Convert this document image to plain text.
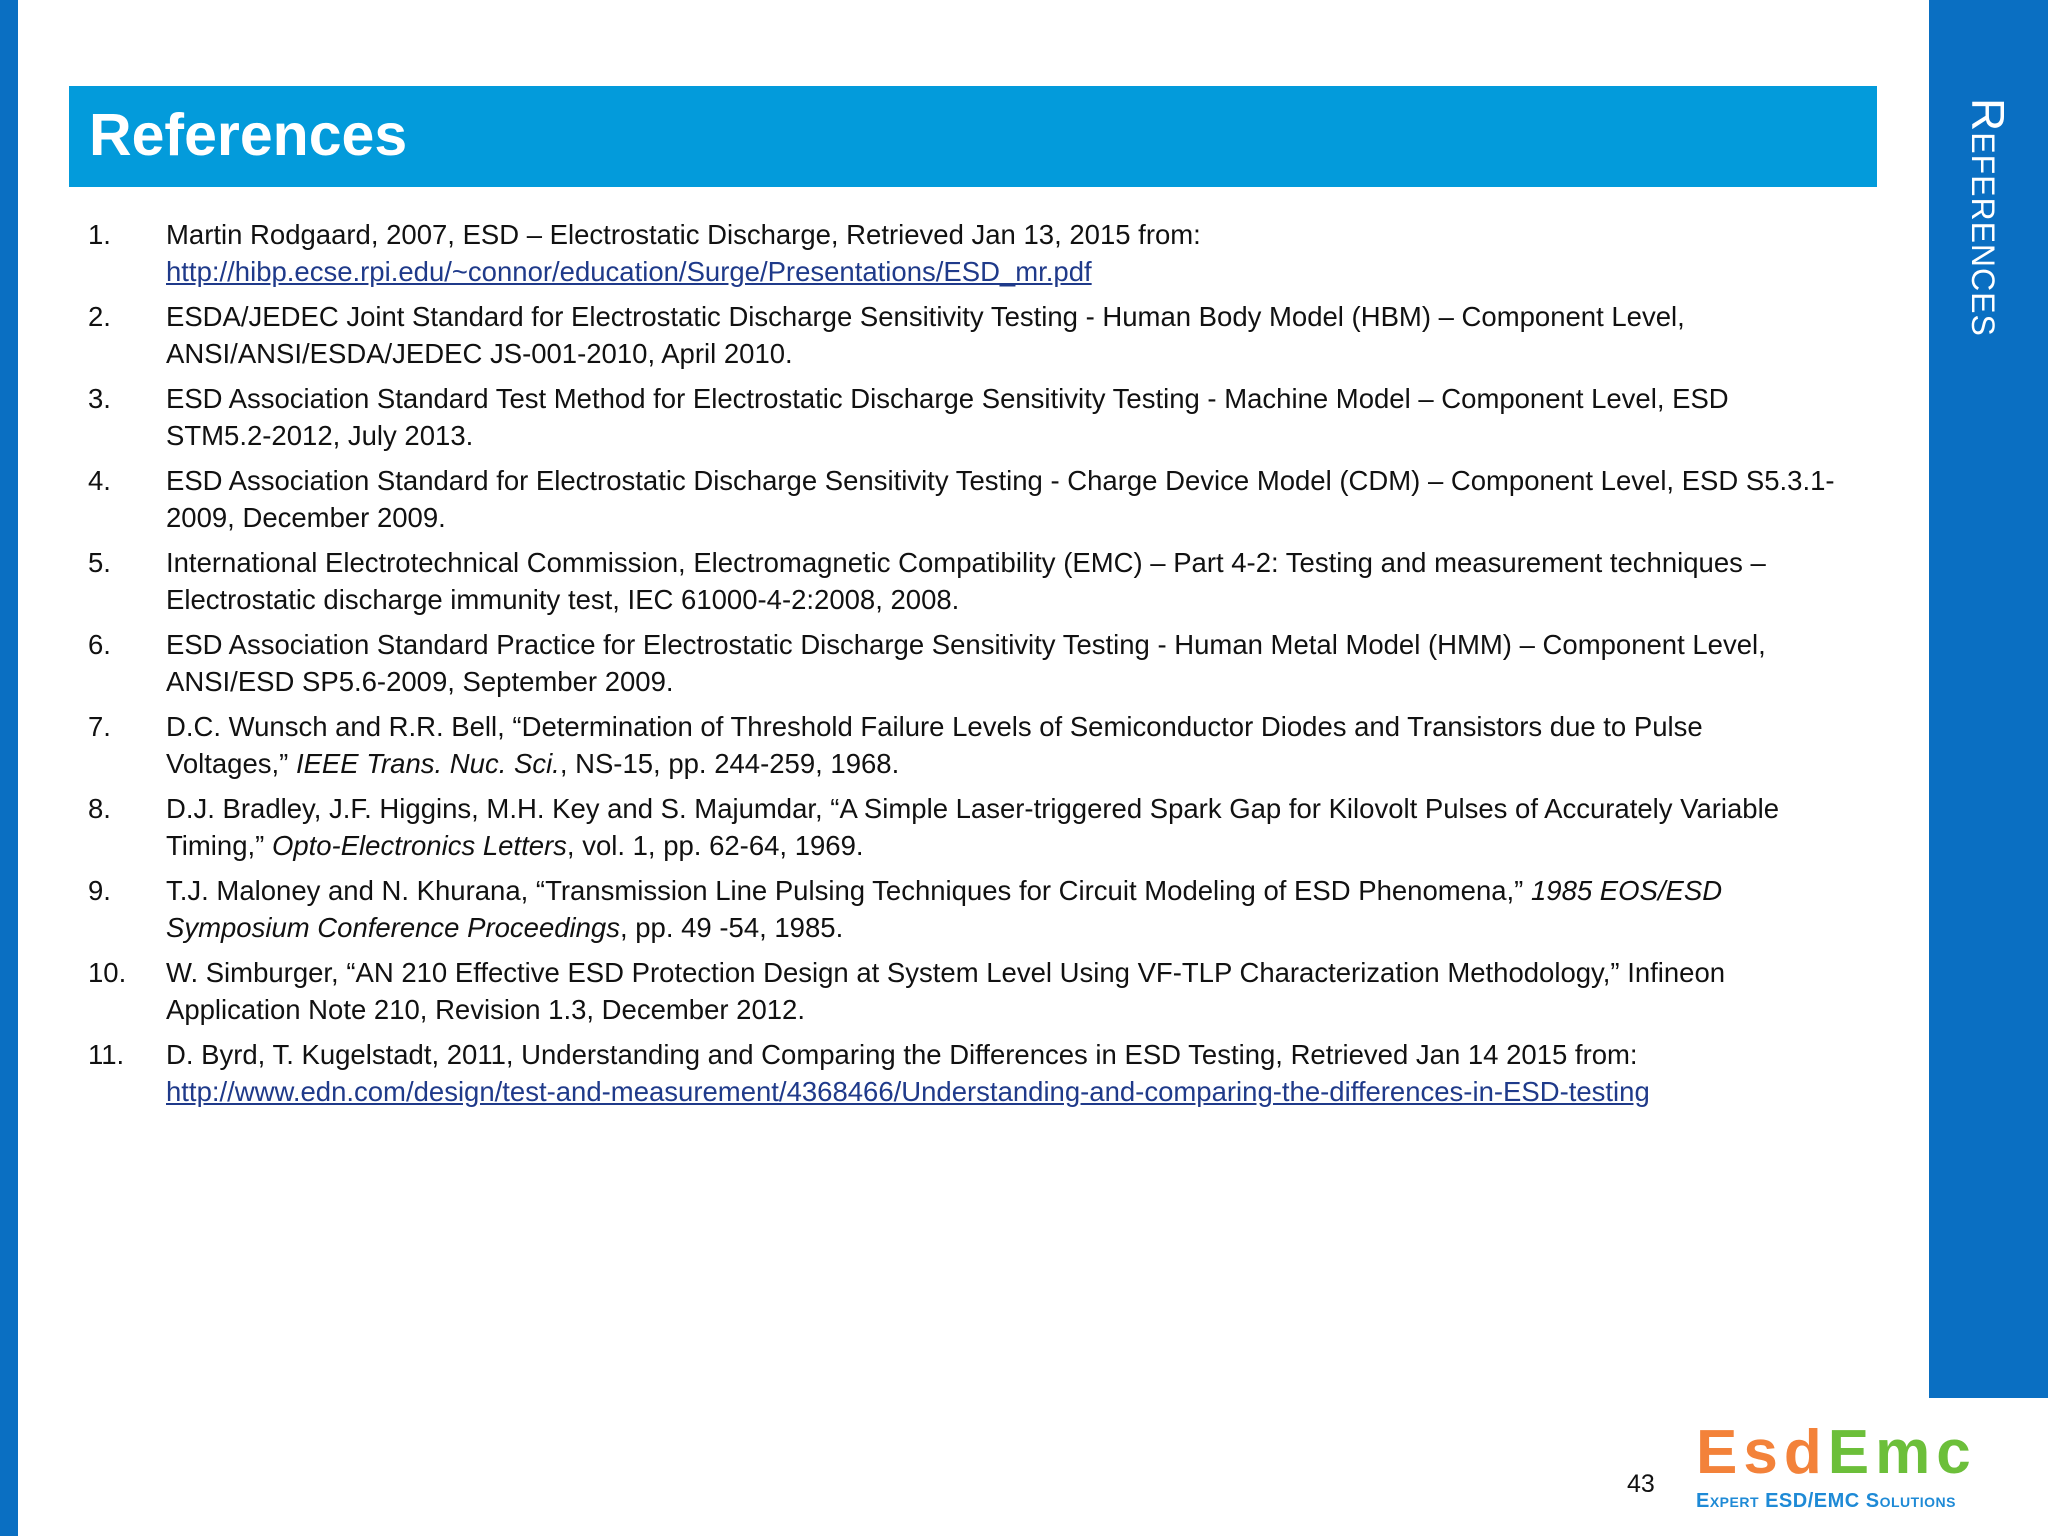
References
References
1. Martin Rodgaard, 2007, ESD – Electrostatic Discharge, Retrieved Jan 13, 2015 from:
http://hibp.ecse.rpi.edu/~connor/education/Surge/Presentations/ESD_mr.pdf
2. ESDA/JEDEC Joint Standard for Electrostatic Discharge Sensitivity Testing - Human Body Model (HBM) – Component Level,
ANSI/ANSI/ESDA/JEDEC JS-001-2010, April 2010.
3. ESD Association Standard Test Method for Electrostatic Discharge Sensitivity Testing - Machine Model – Component Level, ESD
STM5.2-2012, July 2013.
4. ESD Association Standard for Electrostatic Discharge Sensitivity Testing - Charge Device Model (CDM) – Component Level, ESD S5.3.1-
2009, December 2009.
5. International Electrotechnical Commission, Electromagnetic Compatibility (EMC) – Part 4-2: Testing and measurement techniques –
Electrostatic discharge immunity test, IEC 61000-4-2:2008, 2008.
6. ESD Association Standard Practice for Electrostatic Discharge Sensitivity Testing - Human Metal Model (HMM) – Component Level,
ANSI/ESD SP5.6-2009, September 2009.
7. D.C. Wunsch and R.R. Bell, “Determination of Threshold Failure Levels of Semiconductor Diodes and Transistors due to Pulse
Voltages,” IEEE Trans. Nuc. Sci., NS-15, pp. 244-259, 1968.
8. D.J. Bradley, J.F. Higgins, M.H. Key and S. Majumdar, “A Simple Laser-triggered Spark Gap for Kilovolt Pulses of Accurately Variable
Timing,” Opto-Electronics Letters, vol. 1, pp. 62-64, 1969.
9. T.J. Maloney and N. Khurana, “Transmission Line Pulsing Techniques for Circuit Modeling of ESD Phenomena,” 1985 EOS/ESD
Symposium Conference Proceedings, pp. 49 -54, 1985.
10. W. Simburger, “AN 210 Effective ESD Protection Design at System Level Using VF-TLP Characterization Methodology,” Infineon
Application Note 210, Revision 1.3, December 2012.
11. D. Byrd, T. Kugelstadt, 2011, Understanding and Comparing the Differences in ESD Testing, Retrieved Jan 14 2015 from:
http://www.edn.com/design/test-and-measurement/4368466/Understanding-and-comparing-the-differences-in-ESD-testing
43 EsdEmc
Expert ESD/EMC Solutions
